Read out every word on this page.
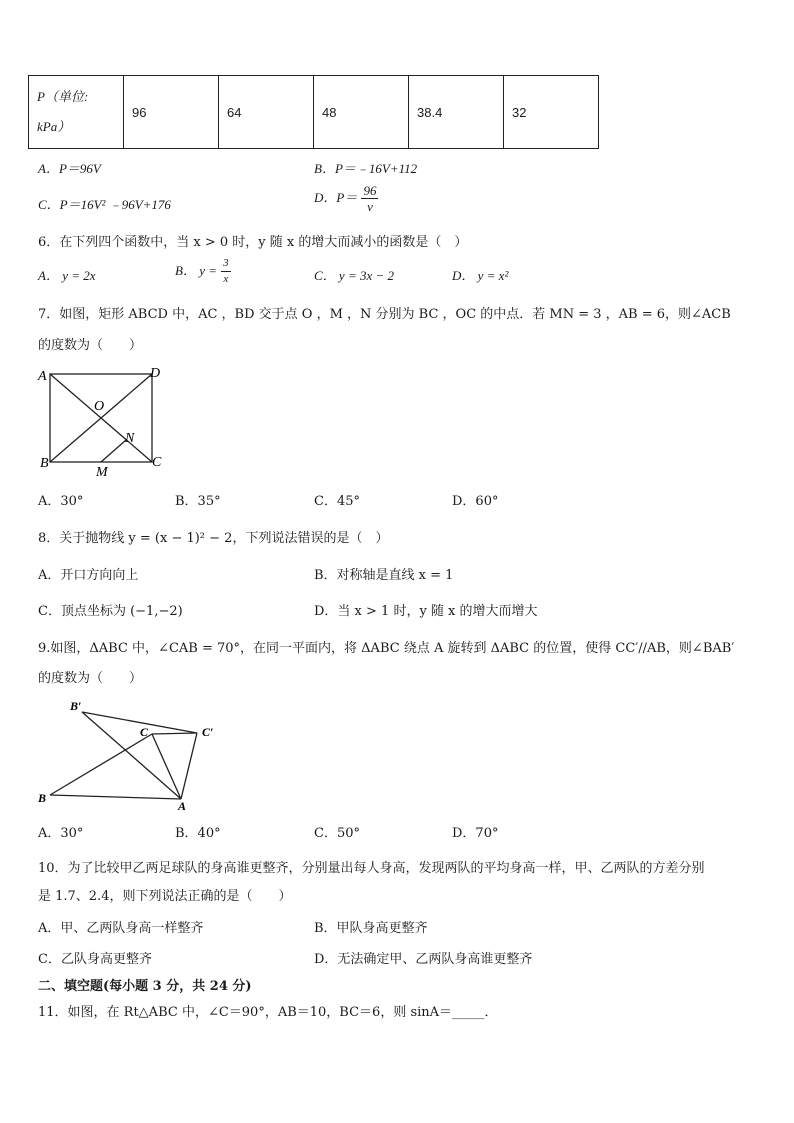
P（单位:
kPa）
	96	64	48	38.4	32
A．P＝96V	B．P＝﹣16V+112
C．P＝16V² ﹣96V+176	D．$P= \frac{96}{v}$
6．在下列四个函数中，当 x > 0 时，y 随 x 的增大而减小的函数是（　）
A． y = 2x	B． $y = \frac{3}{x}$	C． y = 3x − 2	D． y = x²
7．如图，矩形 ABCD 中，AC ，BD 交于点 O ，M ，N 分别为 BC ，OC 的中点．若 MN = 3 ，AB = 6，则∠ACB
的度数为（　　）
A	D
O
N
B	C
M
A．30°	B．35°	C．45°	D．60°
8．关于抛物线 y = (x − 1)² − 2，下列说法错误的是（　）
A．开口方向向上	B．对称轴是直线 x = 1
C．顶点坐标为 (−1,−2)	D．当 x > 1 时，y 随 x 的增大而增大
9.如图，ΔABC 中，∠CAB = 70°，在同一平面内，将 ΔABC 绕点 A 旋转到 ΔABC 的位置，使得 CC′//AB，则∠BAB′
的度数为（　　）
B′
C	C′
B
A
A．30°	B．40°	C．50°	D．70°
10．为了比较甲乙两足球队的身高谁更整齐，分别量出每人身高，发现两队的平均身高一样，甲、乙两队的方差分别
是 1.7、2.4，则下列说法正确的是（　　）
A．甲、乙两队身高一样整齐	B．甲队身高更整齐
C．乙队身高更整齐	D．无法确定甲、乙两队身高谁更整齐
二、填空题(每小题 3 分，共 24 分)
11．如图，在 Rt△ABC 中，∠C＝90°，AB＝10，BC＝6，则 sinA＝_____．
